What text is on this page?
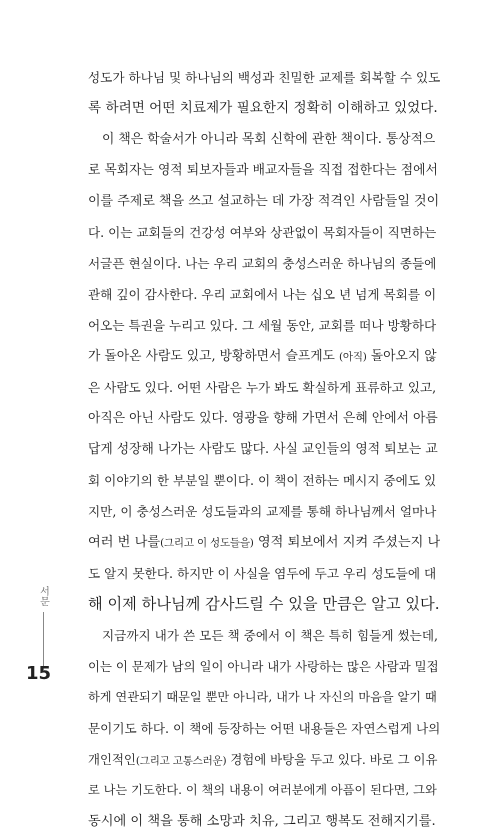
성도가 하나님 및 하나님의 백성과 친밀한 교제를 회복할 수 있도
록 하려면 어떤 치료제가 필요한지 정확히 이해하고 있었다.
이 책은 학술서가 아니라 목회 신학에 관한 책이다. 통상적으
로 목회자는 영적 퇴보자들과 배교자들을 직접 접한다는 점에서
이를 주제로 책을 쓰고 설교하는 데 가장 적격인 사람들일 것이
다. 이는 교회들의 건강성 여부와 상관없이 목회자들이 직면하는
서글픈 현실이다. 나는 우리 교회의 충성스러운 하나님의 종들에
관해 깊이 감사한다. 우리 교회에서 나는 십오 년 넘게 목회를 이
어오는 특권을 누리고 있다. 그 세월 동안, 교회를 떠나 방황하다
가 돌아온 사람도 있고, 방황하면서 슬프게도 (아직) 돌아오지 않
은 사람도 있다. 어떤 사람은 누가 봐도 확실하게 표류하고 있고,
아직은 아닌 사람도 있다. 영광을 향해 가면서 은혜 안에서 아름
답게 성장해 나가는 사람도 많다. 사실 교인들의 영적 퇴보는 교
회 이야기의 한 부분일 뿐이다. 이 책이 전하는 메시지 중에도 있
지만, 이 충성스러운 성도들과의 교제를 통해 하나님께서 얼마나
여러 번 나를(그리고 이 성도들을) 영적 퇴보에서 지켜 주셨는지 나
도 알지 못한다. 하지만 이 사실을 염두에 두고 우리 성도들에 대
해 이제 하나님께 감사드릴 수 있을 만큼은 알고 있다.
지금까지 내가 쓴 모든 책 중에서 이 책은 특히 힘들게 썼는데,
이는 이 문제가 남의 일이 아니라 내가 사랑하는 많은 사람과 밀접
하게 연관되기 때문일 뿐만 아니라, 내가 나 자신의 마음을 알기 때
문이기도 하다. 이 책에 등장하는 어떤 내용들은 자연스럽게 나의
개인적인(그리고 고통스러운) 경험에 바탕을 두고 있다. 바로 그 이유
로 나는 기도한다. 이 책의 내용이 여러분에게 아픔이 된다면, 그와
동시에 이 책을 통해 소망과 치유, 그리고 행복도 전해지기를.
서문
15
